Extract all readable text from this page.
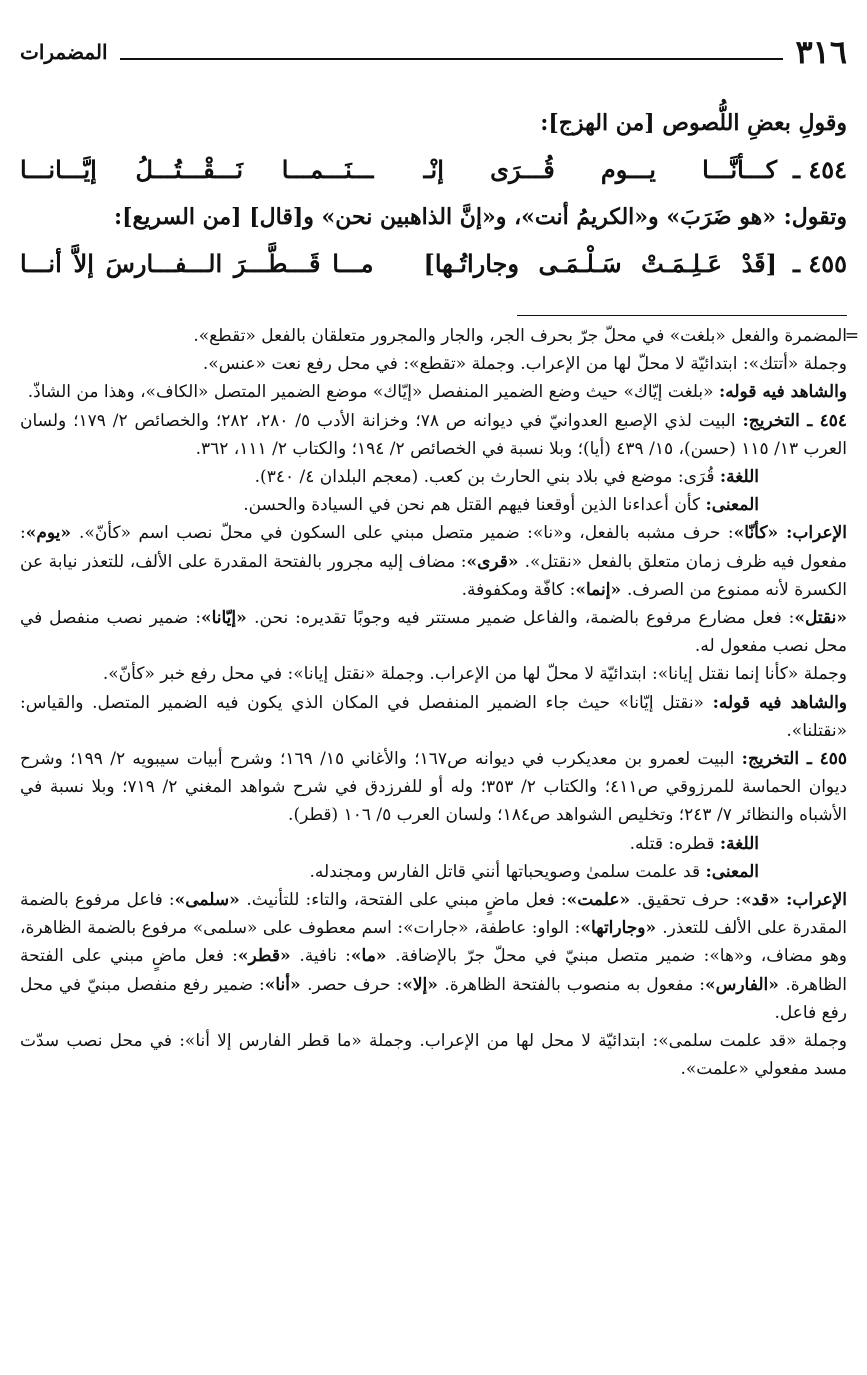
٣١٦
المضمرات
وقولِ بعضِ اللُّصوص [من الهزج]:
٤٥٤ ـ
كـــأنَّـــا يـــوم قُـــرَى إنْـ
ـــنَـــمـــا نَـــقْـــتُـــلُ إيَّـــانـــا
وتقول: «هو ضَرَبَ» و«الكريمُ أنت»، و«إنَّ الذاهبين نحن» و[قال] [من السريع]:
٤٥٥ ـ
[قَدْ عَـلِـمَـتْ سَـلْـمَـى وجاراتُـها]
مـــا قَـــطَّـــرَ الـــفـــارسَ إلاَّ أنـــا

=
المضمرة والفعل «بلغت» في محلّ جرّ بحرف الجر، والجار والمجرور متعلقان بالفعل «تقطع».

وجملة «أتتك»: ابتدائيّة لا محلّ لها من الإعراب. وجملة «تقطع»: في محل رفع نعت «عنس».

والشاهد فيه قوله: «بلغت إيّاك» حيث وضع الضمير المنفصل «إيّاك» موضع الضمير المتصل «الكاف»، وهذا من الشاذّ.

٤٥٤ ـ التخريج: البيت لذي الإصبع العدوانيّ في ديوانه ص ٧٨؛ وخزانة الأدب ٥/ ٢٨٠، ٢٨٢؛ والخصائص ٢/ ١٧٩؛ ولسان العرب ١٣/ ١١٥ (حسن)، ١٥/ ٤٣٩ (أيا)؛ وبلا نسبة في الخصائص ٢/ ١٩٤؛ والكتاب ٢/ ١١١، ٣٦٢.

اللغة: قُرَى: موضع في بلاد بني الحارث بن كعب. (معجم البلدان ٤/ ٣٤٠).

المعنى: كأن أعداءنا الذين أوقعنا فيهم القتل هم نحن في السيادة والحسن.

الإعراب: «كأنّا»: حرف مشبه بالفعل، و«نا»: ضمير متصل مبني على السكون في محلّ نصب اسم «كأنّ». «يوم»: مفعول فيه ظرف زمان متعلق بالفعل «نقتل». «قرى»: مضاف إليه مجرور بالفتحة المقدرة على الألف، للتعذر نيابة عن الكسرة لأنه ممنوع من الصرف. «إنما»: كافّة ومكفوفة.

«نقتل»: فعل مضارع مرفوع بالضمة، والفاعل ضمير مستتر فيه وجوبًا تقديره: نحن. «إيّانا»: ضمير نصب منفصل في محل نصب مفعول له.

وجملة «كأنا إنما نقتل إيانا»: ابتدائيّة لا محلّ لها من الإعراب. وجملة «نقتل إيانا»: في محل رفع خبر «كأنّ».

والشاهد فيه قوله: «نقتل إيّانا» حيث جاء الضمير المنفصل في المكان الذي يكون فيه الضمير المتصل. والقياس: «نقتلنا».

٤٥٥ ـ التخريج: البيت لعمرو بن معديكرب في ديوانه ص١٦٧؛ والأغاني ١٥/ ١٦٩؛ وشرح أبيات سيبويه ٢/ ١٩٩؛ وشرح ديوان الحماسة للمرزوقي ص٤١١؛ والكتاب ٢/ ٣٥٣؛ وله أو للفرزدق في شرح شواهد المغني ٢/ ٧١٩؛ وبلا نسبة في الأشباه والنظائر ٧/ ٢٤٣؛ وتخليص الشواهد ص١٨٤؛ ولسان العرب ٥/ ١٠٦ (قطر).

اللغة: قطره: قتله.

المعنى: قد علمت سلمىٰ وصويحباتها أنني قاتل الفارس ومجندله.

الإعراب: «قد»: حرف تحقيق. «علمت»: فعل ماضٍ مبني على الفتحة، والتاء: للتأنيث. «سلمى»: فاعل مرفوع بالضمة المقدرة على الألف للتعذر. «وجاراتها»: الواو: عاطفة، «جارات»: اسم معطوف على «سلمى» مرفوع بالضمة الظاهرة، وهو مضاف، و«ها»: ضمير متصل مبنيّ في محلّ جرّ بالإضافة. «ما»: نافية. «قطر»: فعل ماضٍ مبني على الفتحة الظاهرة. «الفارس»: مفعول به منصوب بالفتحة الظاهرة. «إلا»: حرف حصر. «أنا»: ضمير رفع منفصل مبنيّ في محل رفع فاعل.

وجملة «قد علمت سلمى»: ابتدائيّة لا محل لها من الإعراب. وجملة «ما قطر الفارس إلا أنا»: في محل نصب سدّت مسد مفعولي «علمت».
